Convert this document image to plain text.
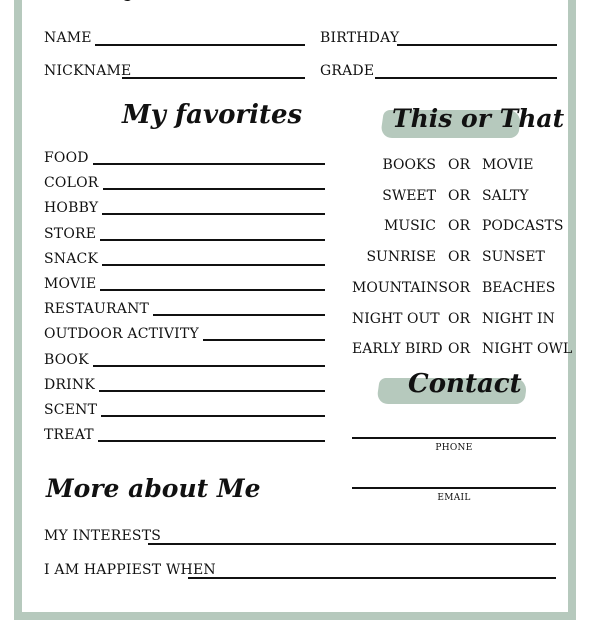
NAME	BIRTHDAY
NICKNAME	GRADE
My favorites
FOOD
COLOR
HOBBY
STORE
SNACK
MOVIE
RESTAURANT
OUTDOOR ACTIVITY
BOOK
DRINK
SCENT
TREAT
This or That
BOOKS OR MOVIE
SWEET OR SALTY
MUSIC OR PODCASTS
SUNRISE OR SUNSET
MOUNTAINS OR BEACHES
NIGHT OUT OR NIGHT IN
EARLY BIRD OR NIGHT OWL
Contact
PHONE
EMAIL
More about Me
MY INTERESTS
I AM HAPPIEST WHEN
